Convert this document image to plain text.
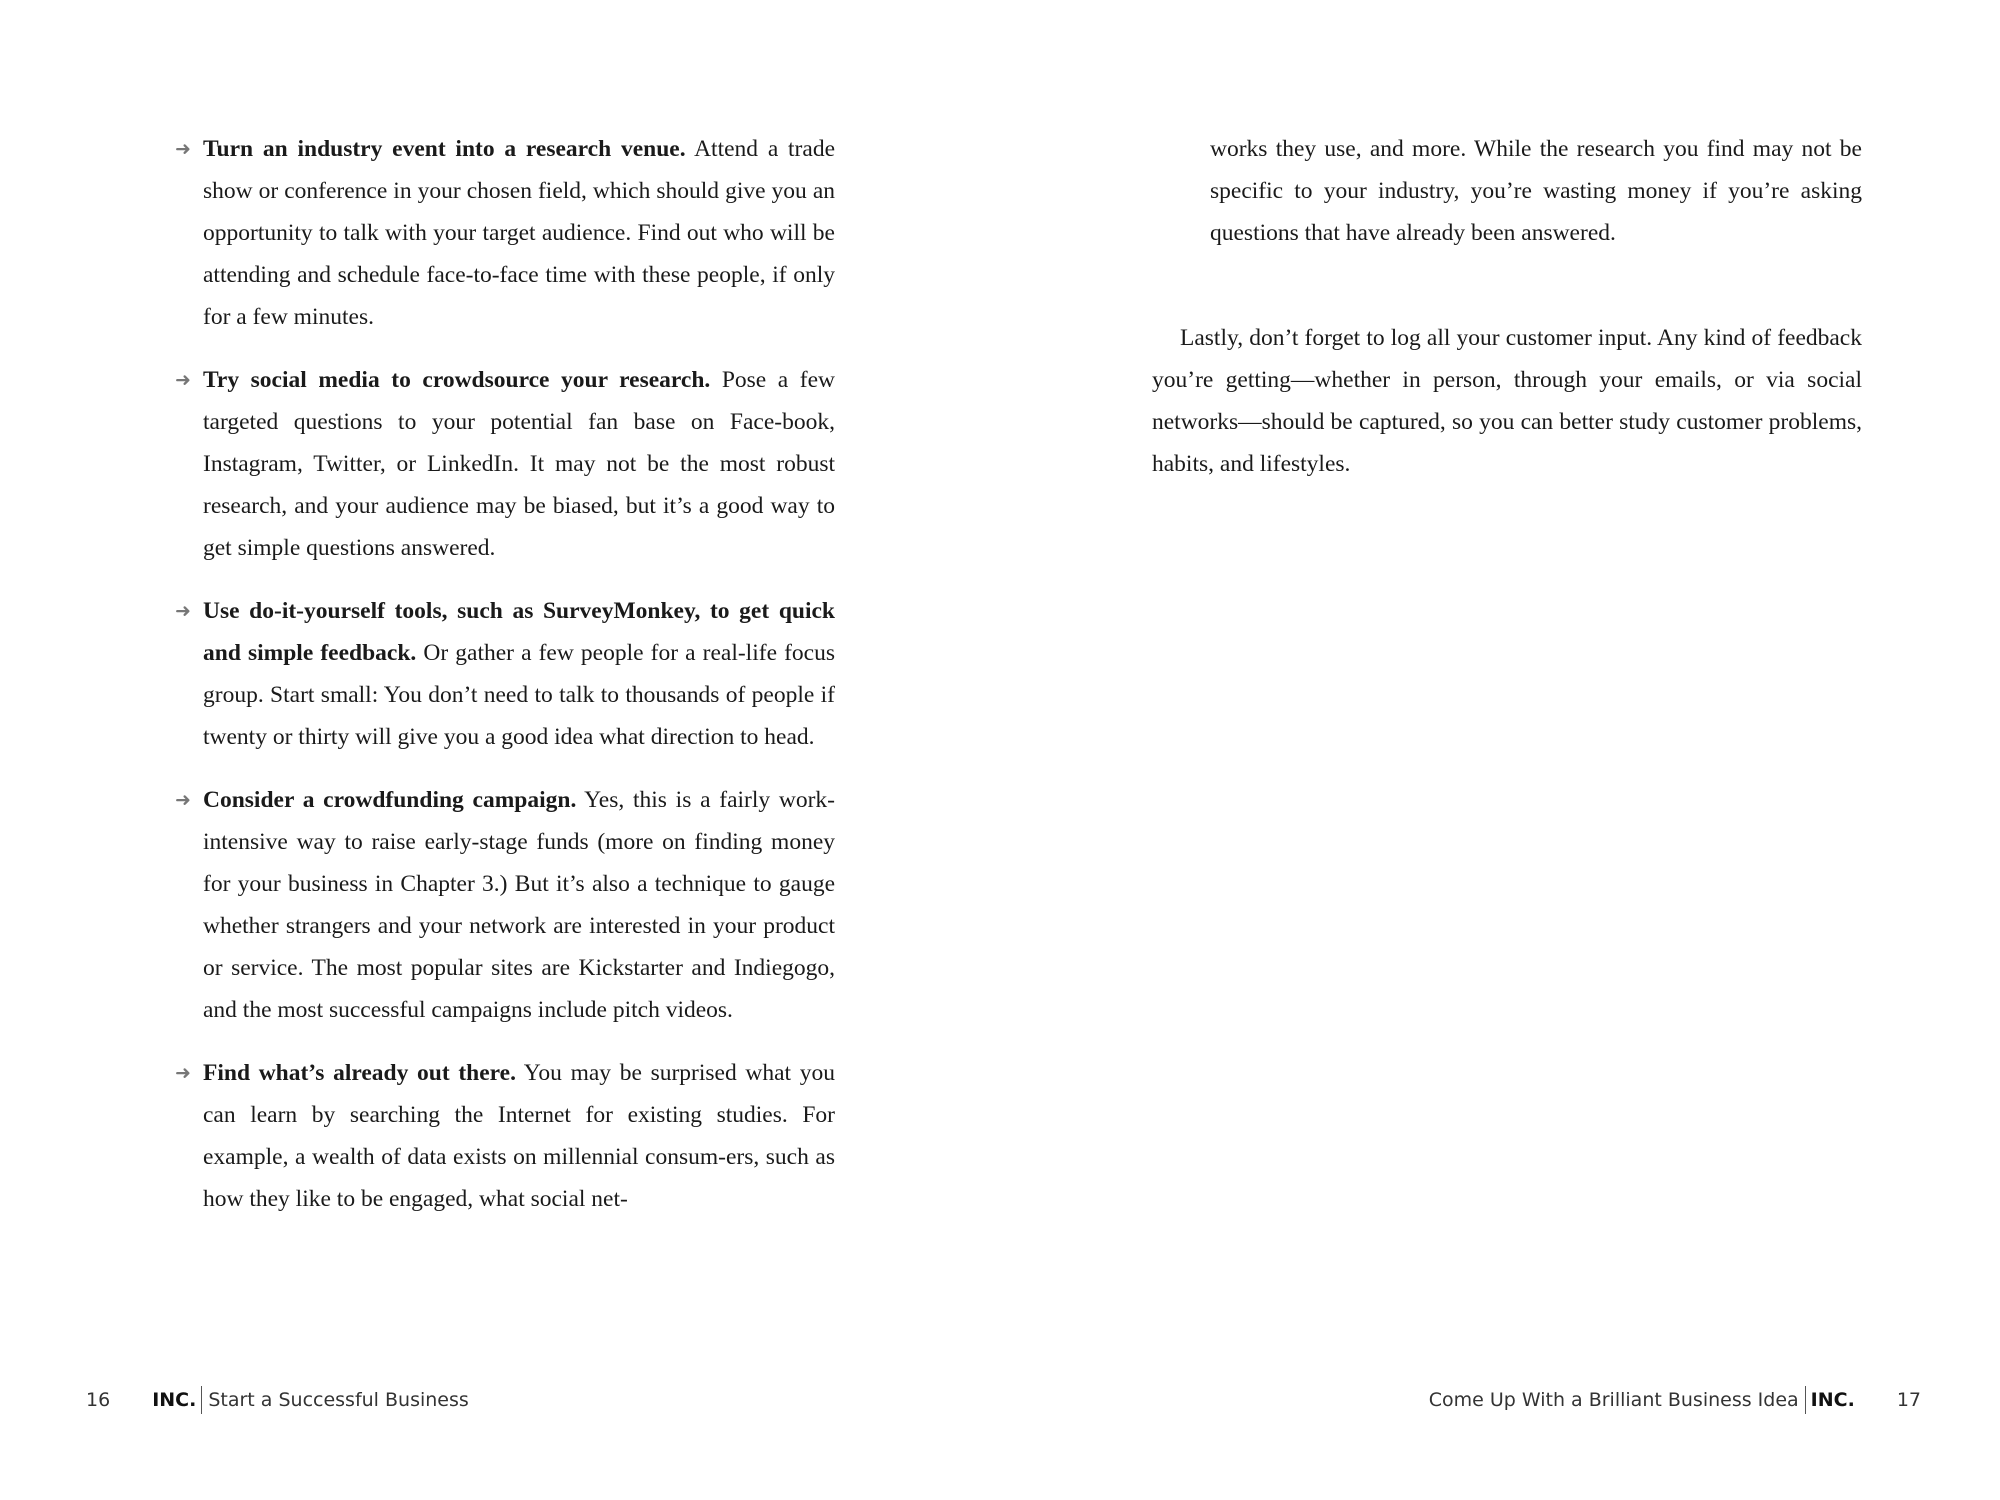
➜ Turn an industry event into a research venue. Attend a trade show or conference in your chosen field, which should give you an opportunity to talk with your target audience. Find out who will be attending and schedule face-to-face time with these people, if only for a few minutes.
➜ Try social media to crowdsource your research. Pose a few targeted questions to your potential fan base on Face-book, Instagram, Twitter, or LinkedIn. It may not be the most robust research, and your audience may be biased, but it’s a good way to get simple questions answered.
➜ Use do-it-yourself tools, such as SurveyMonkey, to get quick and simple feedback. Or gather a few people for a real-life focus group. Start small: You don’t need to talk to thousands of people if twenty or thirty will give you a good idea what direction to head.
➜ Consider a crowdfunding campaign. Yes, this is a fairly work-intensive way to raise early-stage funds (more on finding money for your business in Chapter 3.) But it’s also a technique to gauge whether strangers and your network are interested in your product or service. The most popular sites are Kickstarter and Indiegogo, and the most successful campaigns include pitch videos.
➜ Find what’s already out there. You may be surprised what you can learn by searching the Internet for existing studies. For example, a wealth of data exists on millennial consum-ers, such as how they like to be engaged, what social net-
16 INC. Start a Successful Business

works they use, and more. While the research you find may not be specific to your industry, you’re wasting money if you’re asking questions that have already been answered.

Lastly, don’t forget to log all your customer input. Any kind of feedback you’re getting—whether in person, through your emails, or via social networks—should be captured, so you can better study customer problems, habits, and lifestyles.

Come Up With a Brilliant Business Idea INC. 17
